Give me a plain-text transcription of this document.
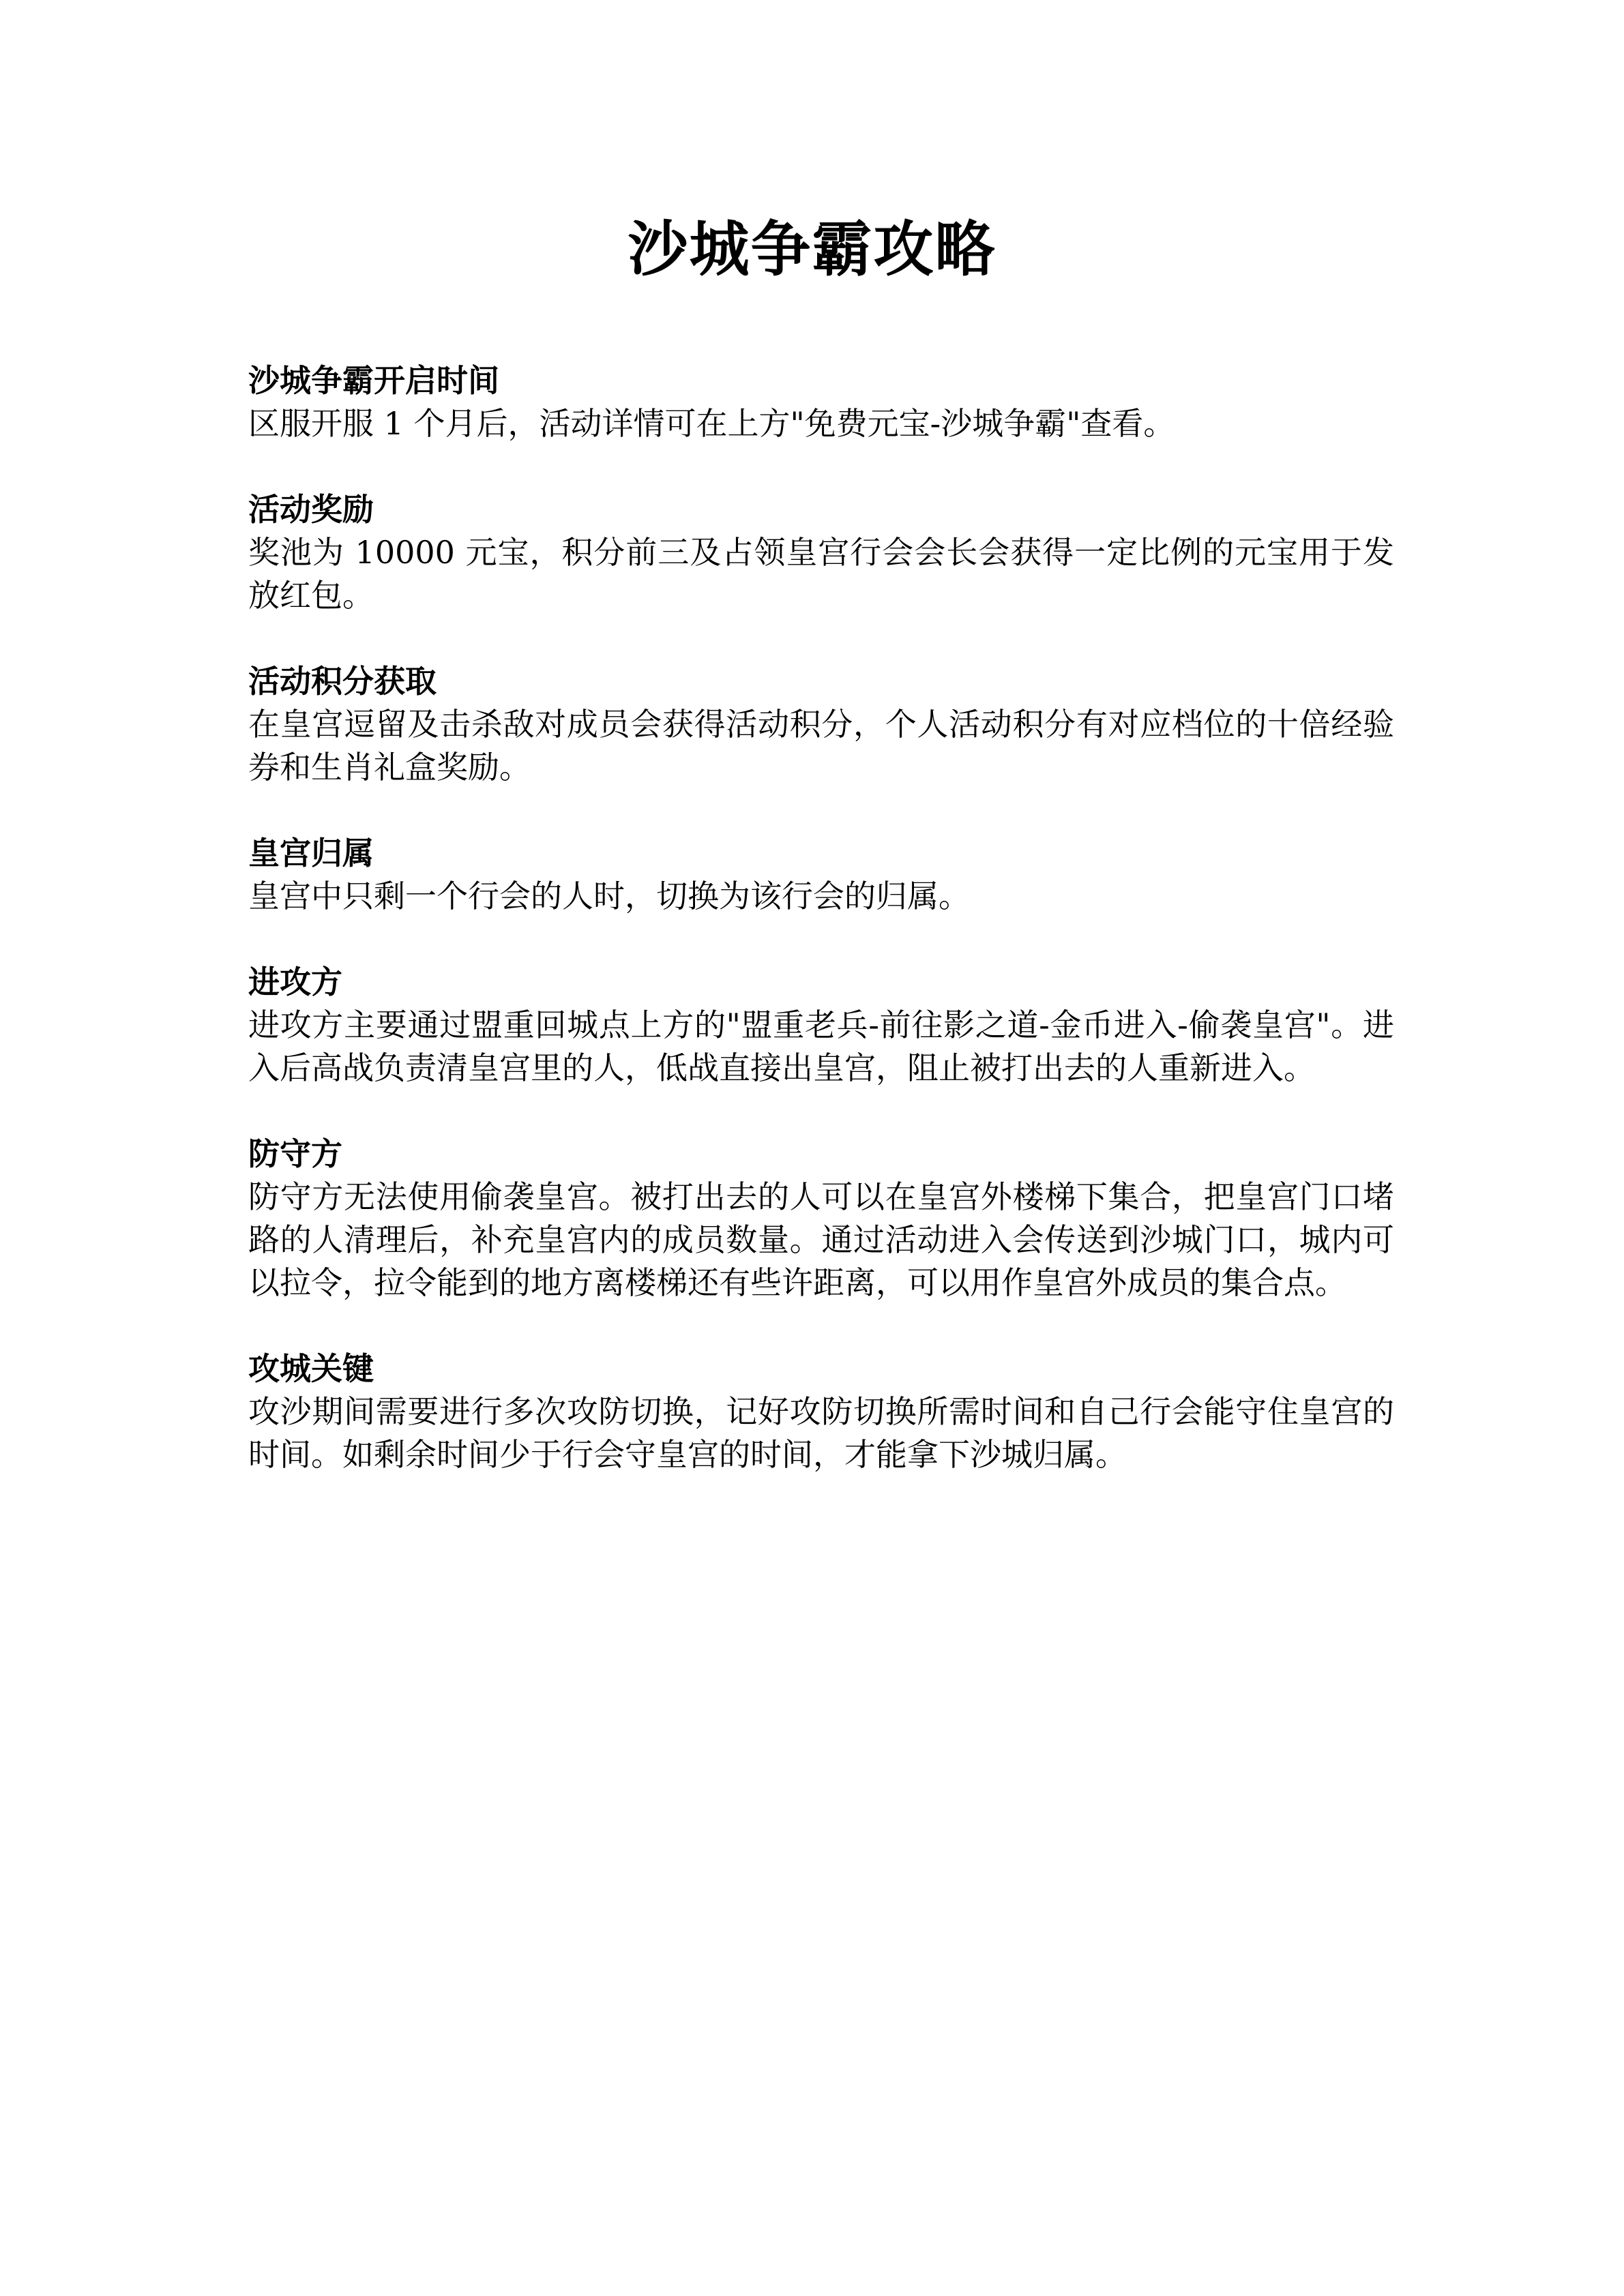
沙城争霸攻略

沙城争霸开启时间

区服开服 1 个月后，活动详情可在上方"免费元宝-沙城争霸"查看。

活动奖励

奖池为 10000 元宝，积分前三及占领皇宫行会会长会获得一定比例的元宝用于发放红包。

活动积分获取

在皇宫逗留及击杀敌对成员会获得活动积分，个人活动积分有对应档位的十倍经验券和生肖礼盒奖励。

皇宫归属

皇宫中只剩一个行会的人时，切换为该行会的归属。

进攻方

进攻方主要通过盟重回城点上方的"盟重老兵-前往影之道-金币进入-偷袭皇宫"。进入后高战负责清皇宫里的人，低战直接出皇宫，阻止被打出去的人重新进入。

防守方

防守方无法使用偷袭皇宫。被打出去的人可以在皇宫外楼梯下集合，把皇宫门口堵路的人清理后，补充皇宫内的成员数量。通过活动进入会传送到沙城门口，城内可以拉令，拉令能到的地方离楼梯还有些许距离，可以用作皇宫外成员的集合点。

攻城关键

攻沙期间需要进行多次攻防切换，记好攻防切换所需时间和自己行会能守住皇宫的时间。如剩余时间少于行会守皇宫的时间，才能拿下沙城归属。
